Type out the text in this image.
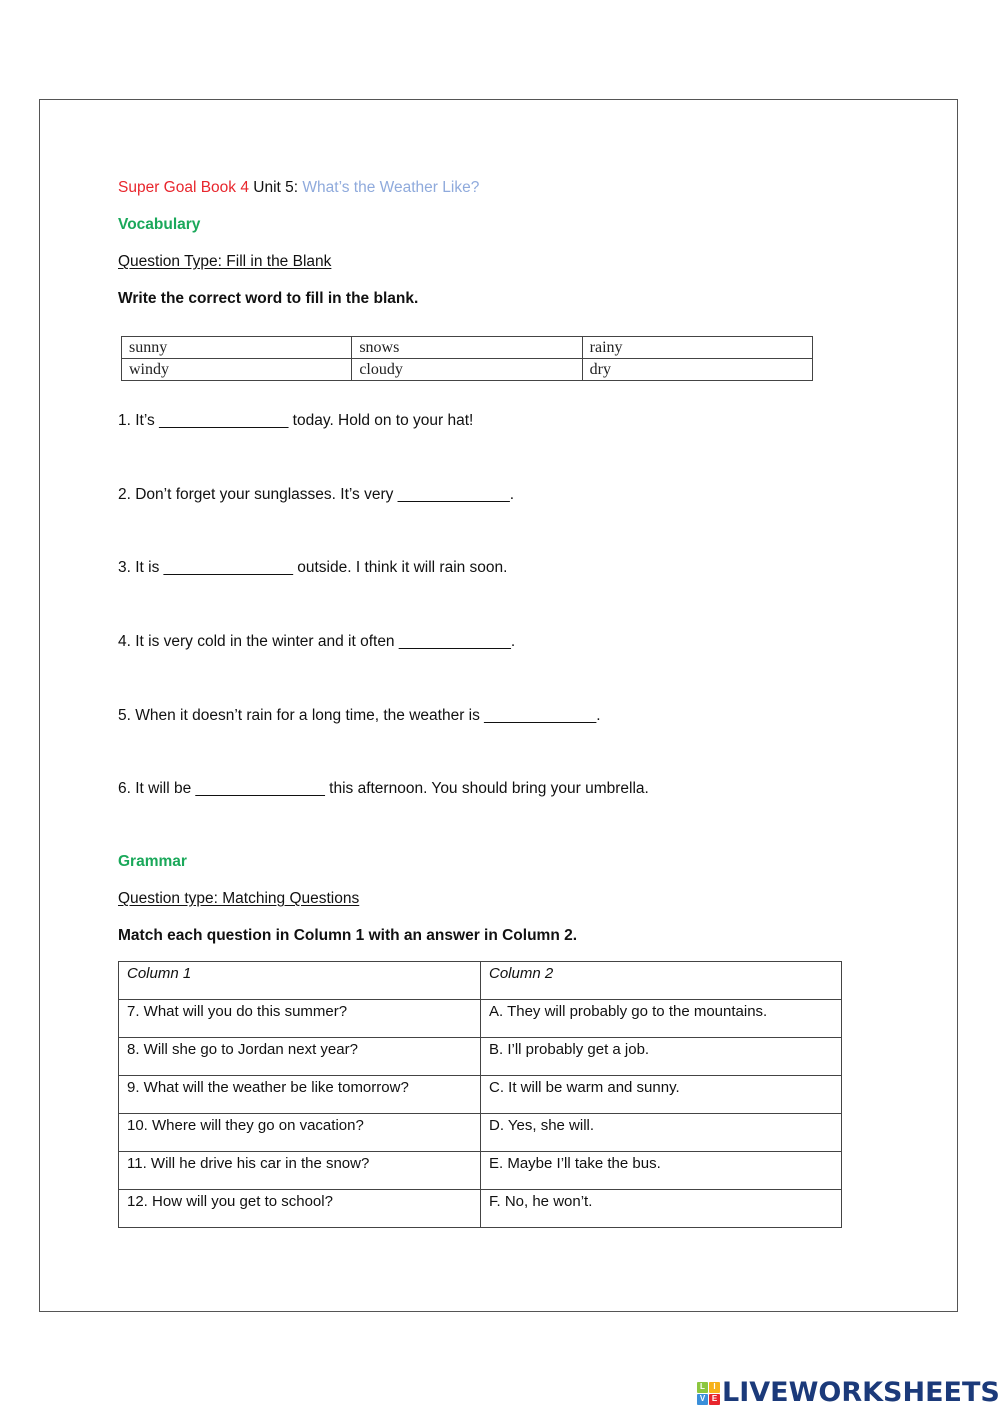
Super Goal Book 4 Unit 5: What’s the Weather Like?
Vocabulary
Question Type: Fill in the Blank
Write the correct word to fill in the blank.
sunny	snows	rainy
windy	cloudy	dry
1. It’s _______________ today. Hold on to your hat!
2. Don’t forget your sunglasses. It’s very _____________.
3. It is _______________ outside. I think it will rain soon.
4. It is very cold in the winter and it often _____________.
5. When it doesn’t rain for a long time, the weather is _____________.
6. It will be _______________ this afternoon. You should bring your umbrella.
Grammar
Question type: Matching Questions
Match each question in Column 1 with an answer in Column 2.
Column 1	Column 2
7. What will you do this summer?	A. They will probably go to the mountains.
8. Will she go to Jordan next year?	B. I’ll probably get a job.
9. What will the weather be like tomorrow?	C. It will be warm and sunny.
10. Where will they go on vacation?	D. Yes, she will.
11. Will he drive his car in the snow?	E. Maybe I’ll take the bus.
12. How will you get to school?	F. No, he won’t.
L	I
V E LIVEWORKSHEETS
